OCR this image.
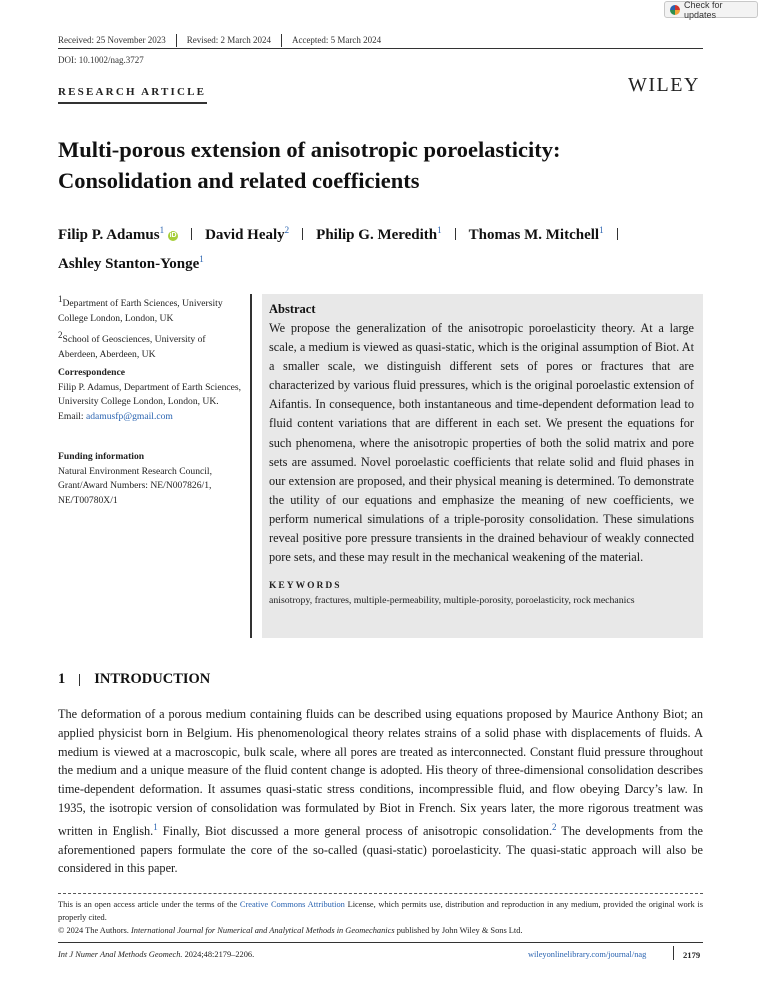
Check for updates
Received: 25 November 2023	Revised: 2 March 2024	Accepted: 5 March 2024
DOI: 10.1002/nag.3727
RESEARCH ARTICLE	WILEY
Multi-porous extension of anisotropic poroelasticity:
Consolidation and related coefficients
Filip P. Adamus$^1$iD David Healy$^2$ Philip G. Meredith$^1$ Thomas M. Mitchell$^1$
Ashley Stanton-Yonge$^1$
$^1$Department of Earth Sciences, University College London, London, UK
$^2$School of Geosciences, University of Aberdeen, Aberdeen, UK
Correspondence
Filip P. Adamus, Department of Earth Sciences, University College London, London, UK.
Email: adamusfp@gmail.com
Funding information
Natural Environment Research Council, Grant/Award Numbers: NE/N007826/1, NE/T00780X/1
Abstract
We propose the generalization of the anisotropic poroelasticity theory. At a large scale, a medium is viewed as quasi-static, which is the original assumption of Biot. At a smaller scale, we distinguish different sets of pores or fractures that are characterized by various fluid pressures, which is the original poroelastic extension of Aifantis. In consequence, both instantaneous and time-dependent deformation lead to fluid content variations that are different in each set. We present the equations for such phenomena, where the anisotropic properties of both the solid matrix and pore sets are assumed. Novel poroelastic coefficients that relate solid and fluid phases in our extension are proposed, and their physical meaning is determined. To demonstrate the utility of our equations and emphasize the meaning of new coefficients, we perform numerical simulations of a triple-porosity consolidation. These simulations reveal positive pore pressure transients in the drained behaviour of weakly connected pore sets, and these may result in the mechanical weakening of the material.
KEYWORDS
anisotropy, fractures, multiple-permeability, multiple-porosity, poroelasticity, rock mechanics
1 INTRODUCTION
The deformation of a porous medium containing fluids can be described using equations proposed by Maurice Anthony Biot; an applied physicist born in Belgium. His phenomenological theory relates strains of a solid phase with displacements of fluids. A medium is viewed at a macroscopic, bulk scale, where all pores are treated as interconnected. Constant fluid pressure throughout the medium and a unique measure of the fluid content change is adopted. His theory of three-dimensional consolidation describes time-dependent deformation. It assumes quasi-static stress conditions, incompressible fluid, and flow obeying Darcy’s law. In 1935, the isotropic version of consolidation was formulated by Biot in French. Six years later, the more rigorous treatment was written in English.$^1$ Finally, Biot discussed a more general process of anisotropic consolidation.$^2$ The developments from the aforementioned papers formulate the core of the so-called (quasi-static) poroelasticity. The quasi-static approach will also be considered in this paper.
This is an open access article under the terms of the Creative Commons Attribution License, which permits use, distribution and reproduction in any medium, provided the original work is properly cited.
© 2024 The Authors. International Journal for Numerical and Analytical Methods in Geomechanics published by John Wiley & Sons Ltd.
Int J Numer Anal Methods Geomech. 2024;48:2179–2206.	wileyonlinelibrary.com/journal/nag	2179
